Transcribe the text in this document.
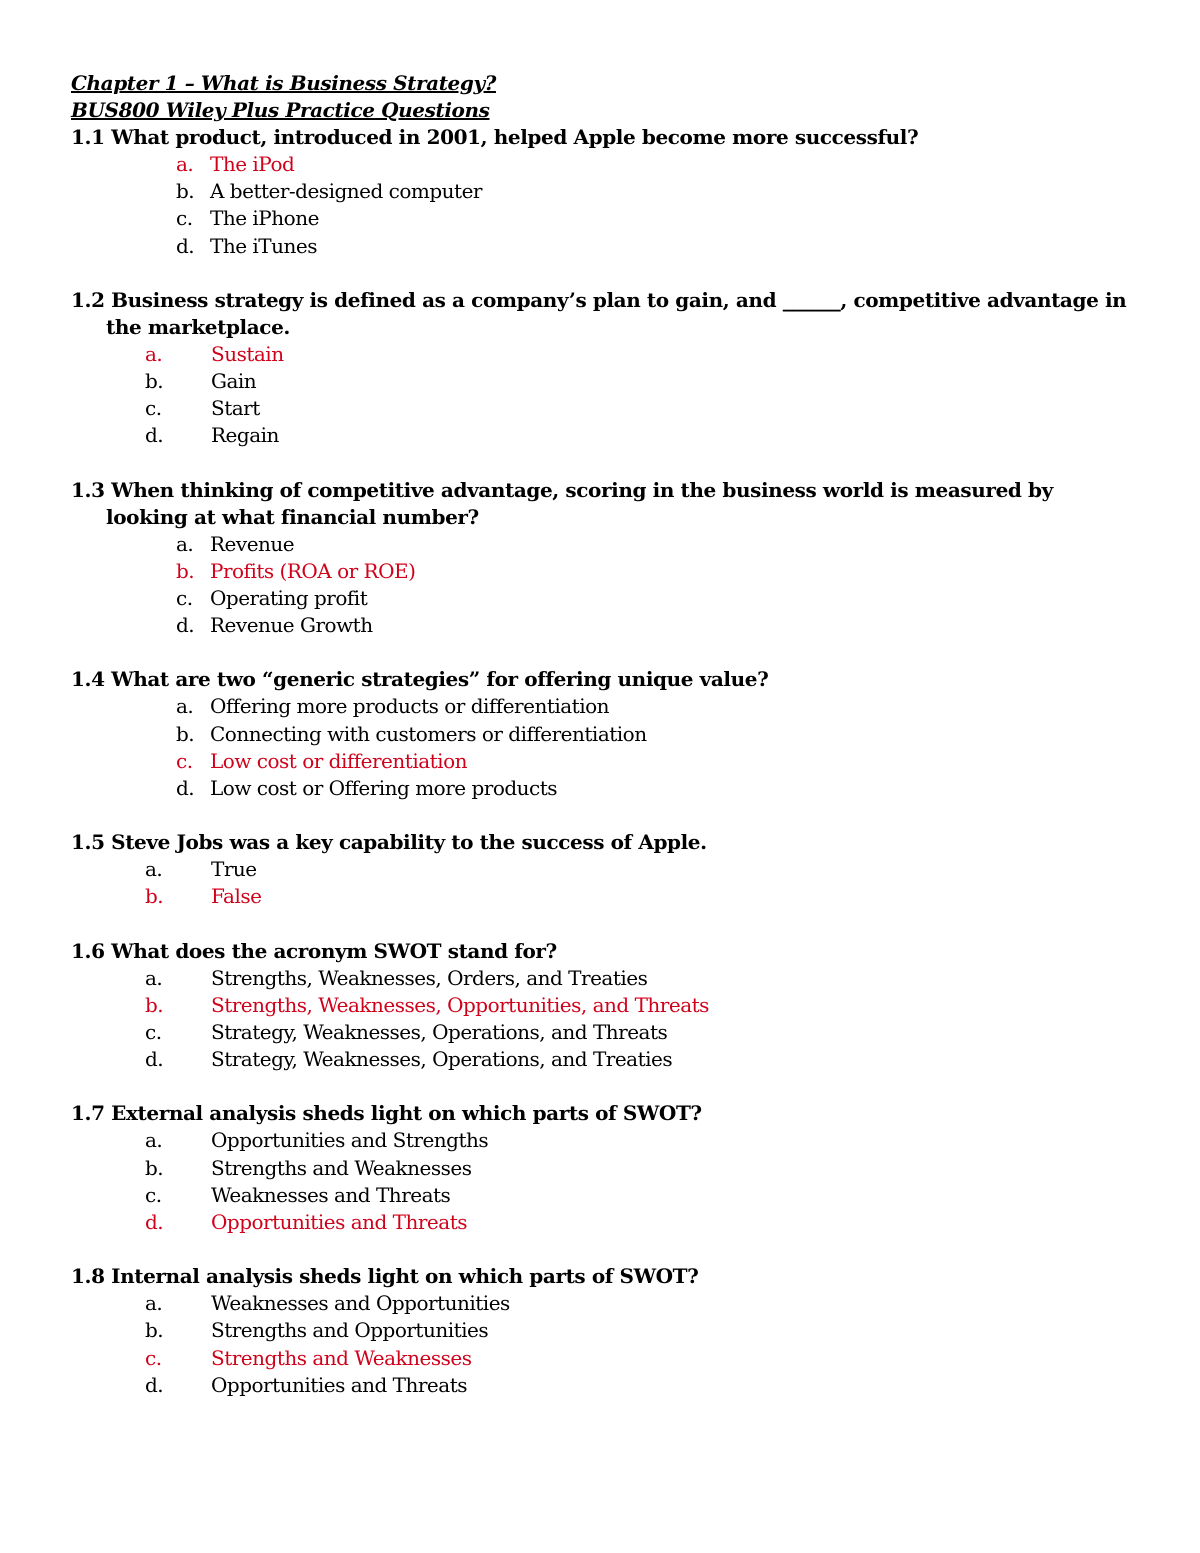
Chapter 1 – What is Business Strategy?
BUS800 Wiley Plus Practice Questions
1.1 What product, introduced in 2001, helped Apple become more successful?
a. The iPod
b. A better-designed computer
c. The iPhone
d. The iTunes
1.2 Business strategy is defined as a company’s plan to gain, and ______, competitive advantage in the marketplace.
a.	Sustain
b.	Gain
c.	Start
d.	Regain
1.3 When thinking of competitive advantage, scoring in the business world is measured by looking at what financial number?
a. Revenue
b. Profits (ROA or ROE)
c. Operating profit
d. Revenue Growth
1.4 What are two “generic strategies” for offering unique value?
a. Offering more products or differentiation
b. Connecting with customers or differentiation
c. Low cost or differentiation
d. Low cost or Offering more products
1.5 Steve Jobs was a key capability to the success of Apple.
a.	True
b.	False
1.6 What does the acronym SWOT stand for?
a.	Strengths, Weaknesses, Orders, and Treaties
b.	Strengths, Weaknesses, Opportunities, and Threats
c.	Strategy, Weaknesses, Operations, and Threats
d.	Strategy, Weaknesses, Operations, and Treaties
1.7 External analysis sheds light on which parts of SWOT?
a.	Opportunities and Strengths
b.	Strengths and Weaknesses
c.	Weaknesses and Threats
d.	Opportunities and Threats
1.8 Internal analysis sheds light on which parts of SWOT?
a.	Weaknesses and Opportunities
b.	Strengths and Opportunities
c.	Strengths and Weaknesses
d.	Opportunities and Threats
